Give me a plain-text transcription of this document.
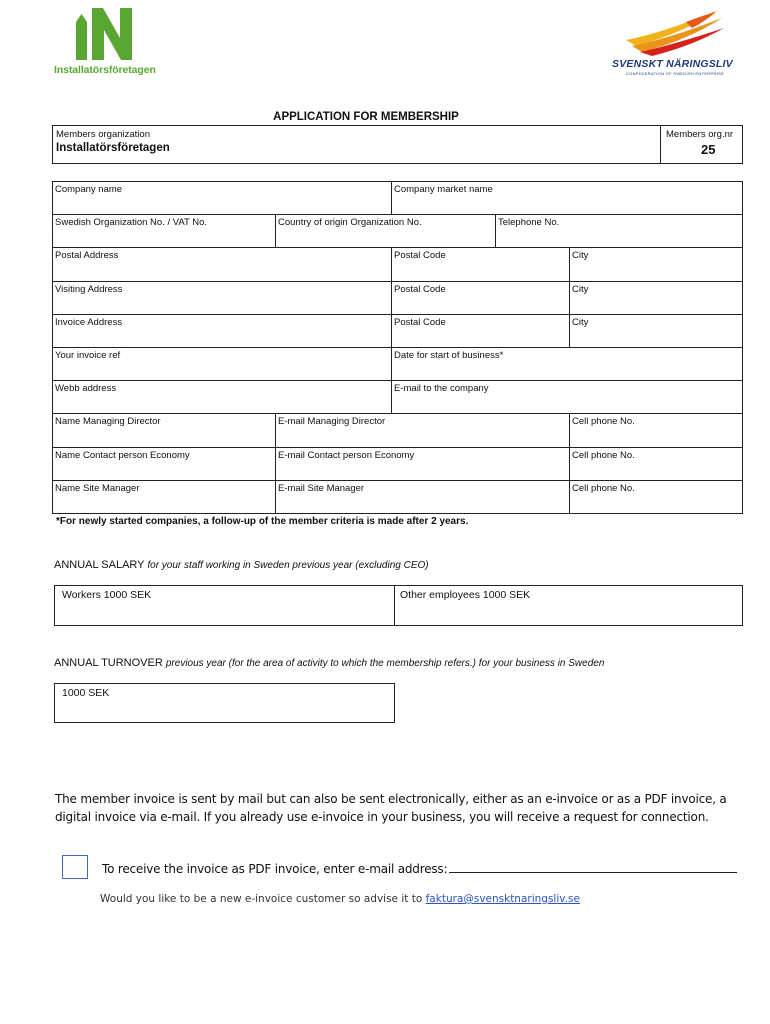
Installatörsföretagen	SVENSKT NÄRINGSLIV
CONFEDERATION OF SWEDISH ENTERPRISE
APPLICATION FOR MEMBERSHIP
Members organization
Installatörsföretagen
Members org.nr
25
Company name	Company market name
Swedish Organization No. / VAT No.	Country of origin Organization No.	Telephone No.
Postal Address	Postal Code	City
Visiting Address	Postal Code	City
Invoice Address	Postal Code	City
Your invoice ref	Date for start of business*
Webb address	E-mail to the company
Name Managing Director	E-mail Managing Director	Cell phone No.
Name Contact person Economy	E-mail Contact person Economy	Cell phone No.
Name Site Manager	E-mail Site Manager	Cell phone No.
*For newly started companies, a follow-up of the member criteria is made after 2 years.
ANNUAL SALARY for your staff working in Sweden previous year (excluding CEO)
Workers 1000 SEK	Other employees 1000 SEK
ANNUAL TURNOVER previous year (for the area of activity to which the membership refers.) for your business in Sweden
1000 SEK
The member invoice is sent by mail but can also be sent electronically, either as an e-invoice or as a PDF invoice, a digital invoice via e-mail. If you already use e-invoice in your business, you will receive a request for connection.
To receive the invoice as PDF invoice, enter e-mail address:
Would you like to be a new e-invoice customer so advise it to faktura@svensktnaringsliv.se
